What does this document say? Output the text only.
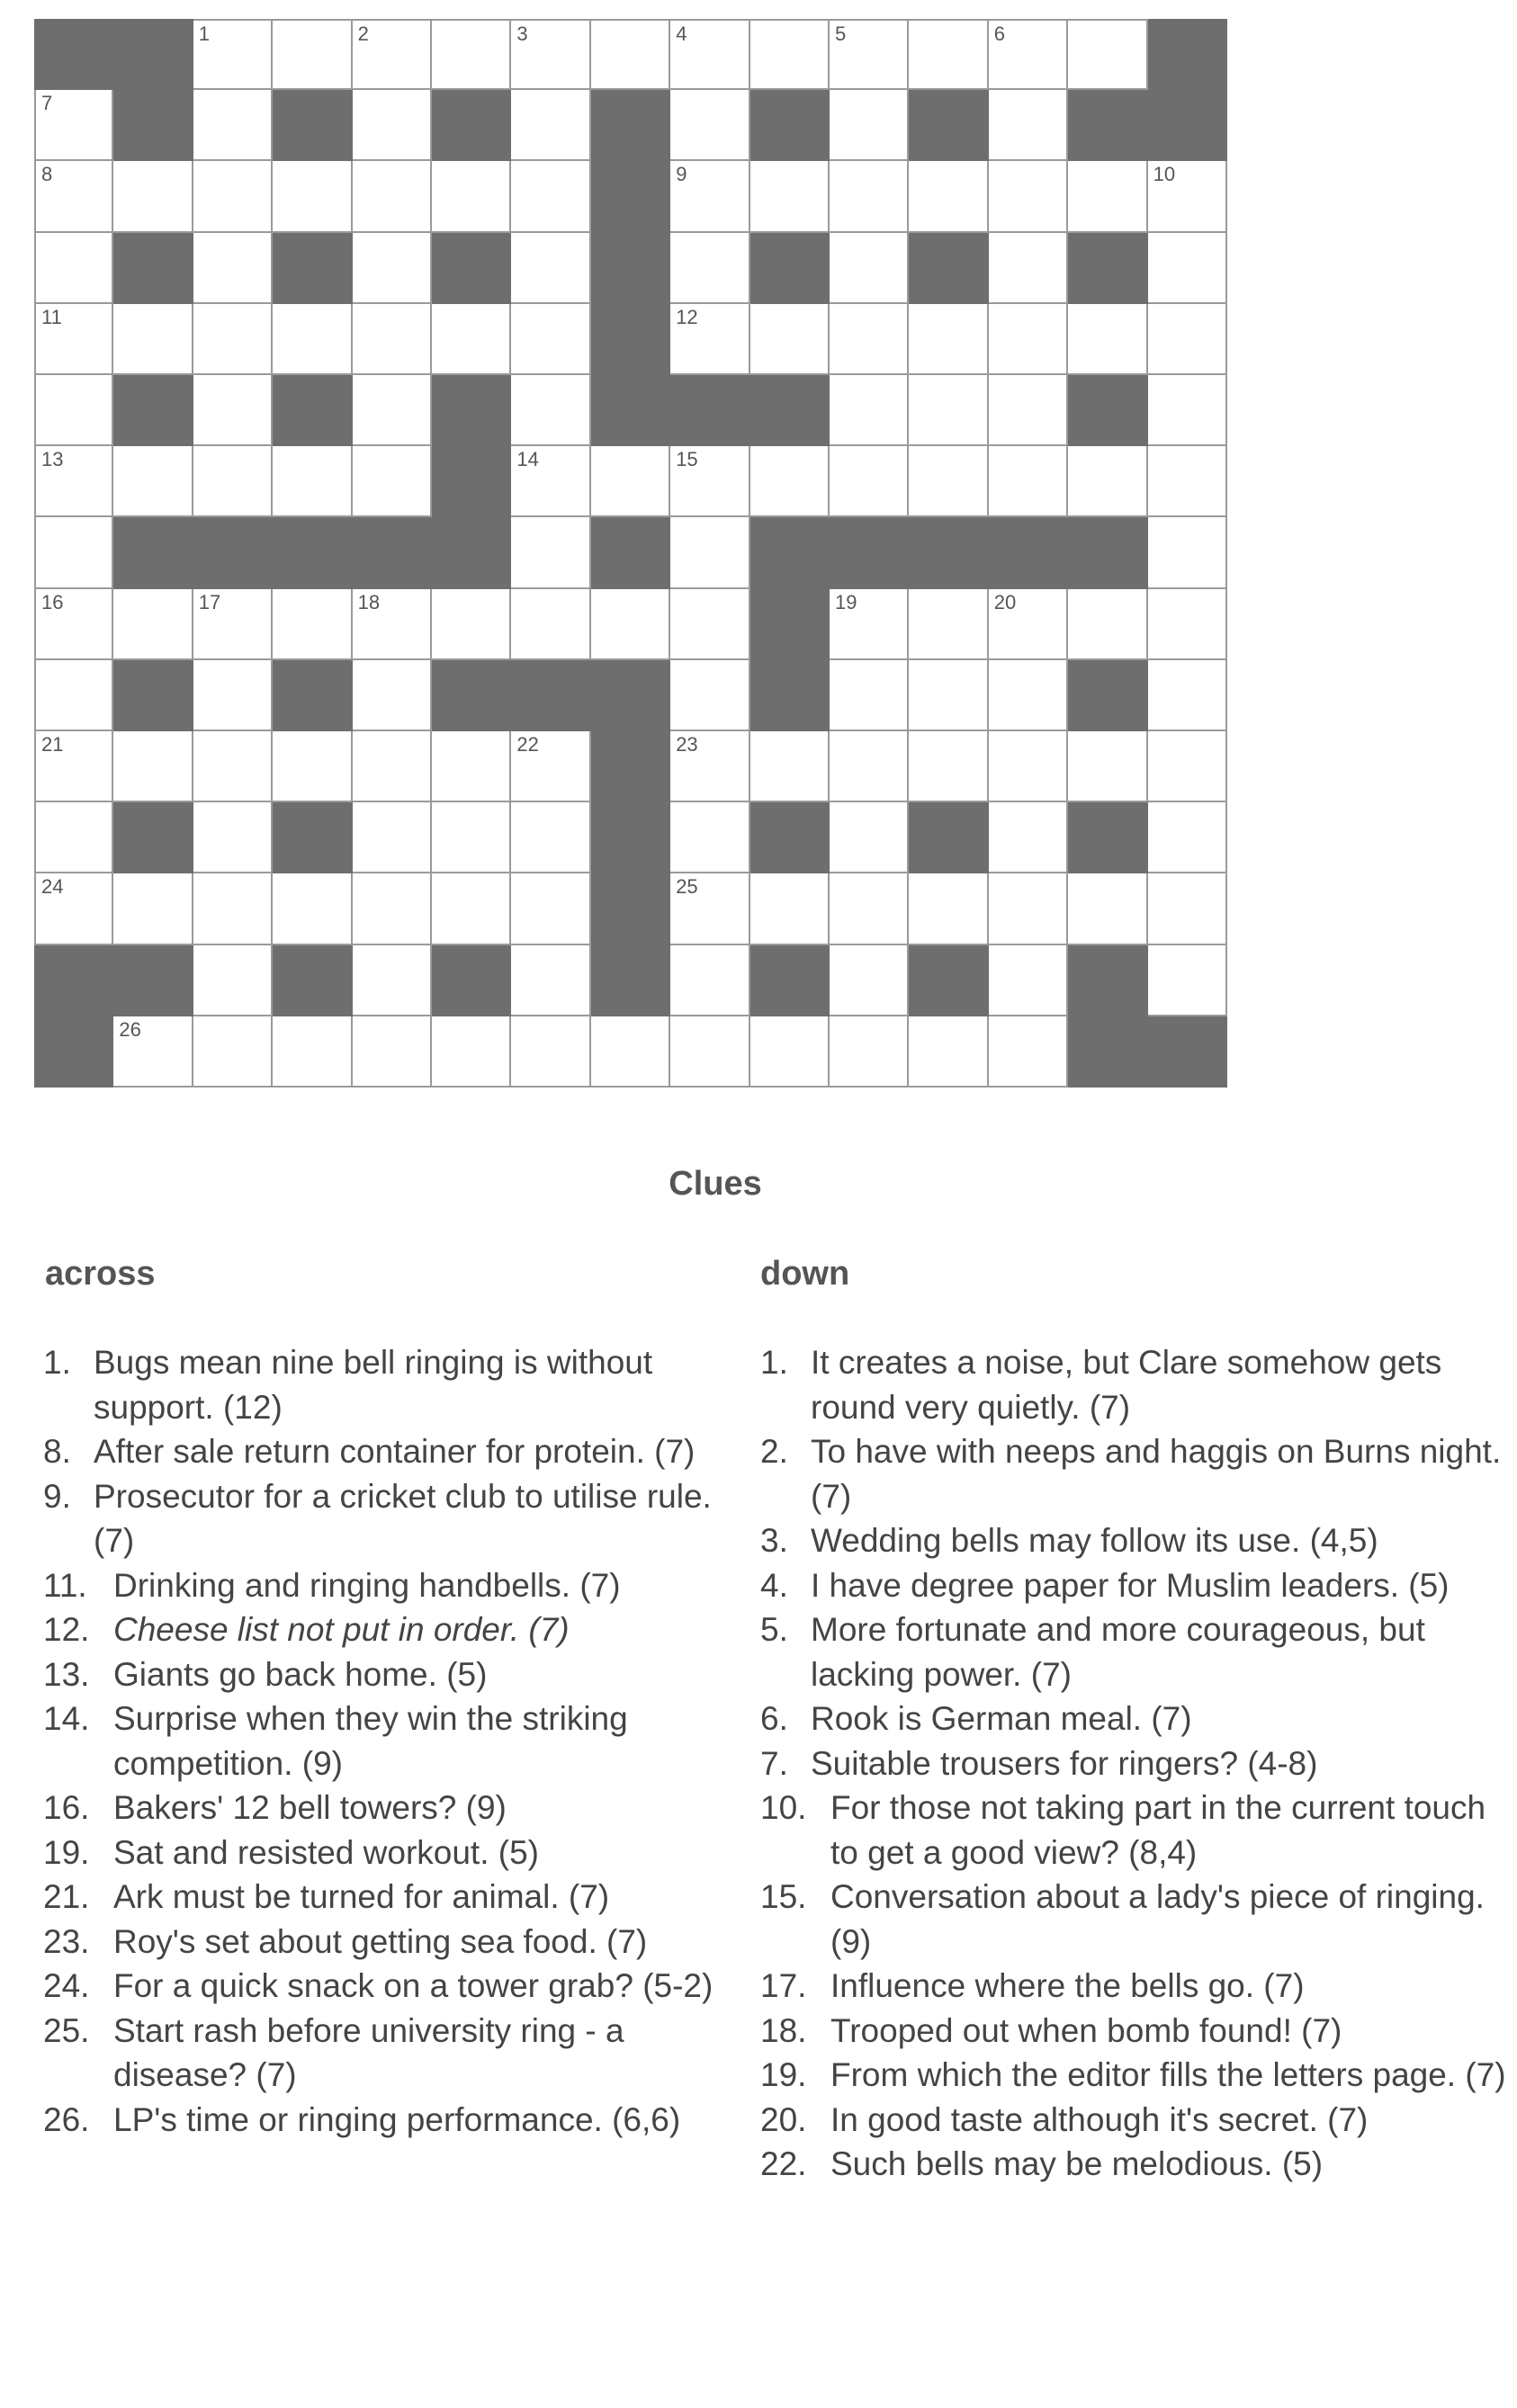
1	2	3	4	5	6
7
8	9	10
11	12
13	14	15
16	17	18	19	20
21	22	23
24	25
26
Clues
across	down
1. Bugs mean nine bell ringing is without support. (12)
8. After sale return container for protein. (7)
9. Prosecutor for a cricket club to utilise rule. (7)
11. Drinking and ringing handbells. (7)
12. Cheese list not put in order. (7)
13. Giants go back home. (5)
14. Surprise when they win the striking competition. (9)
16. Bakers' 12 bell towers? (9)
19. Sat and resisted workout. (5)
21. Ark must be turned for animal. (7)
23. Roy's set about getting sea food. (7)
24. For a quick snack on a tower grab? (5-2)
25. Start rash before university ring - a disease? (7)
26. LP's time or ringing performance. (6,6)
1. It creates a noise, but Clare somehow gets round very quietly. (7)
2. To have with neeps and haggis on Burns night. (7)
3. Wedding bells may follow its use. (4,5)
4. I have degree paper for Muslim leaders. (5)
5. More fortunate and more courageous, but lacking power. (7)
6. Rook is German meal. (7)
7. Suitable trousers for ringers? (4-8)
10. For those not taking part in the current touch to get a good view? (8,4)
15. Conversation about a lady's piece of ringing. (9)
17. Influence where the bells go. (7)
18. Trooped out when bomb found! (7)
19. From which the editor fills the letters page. (7)
20. In good taste although it's secret. (7)
22. Such bells may be melodious. (5)
